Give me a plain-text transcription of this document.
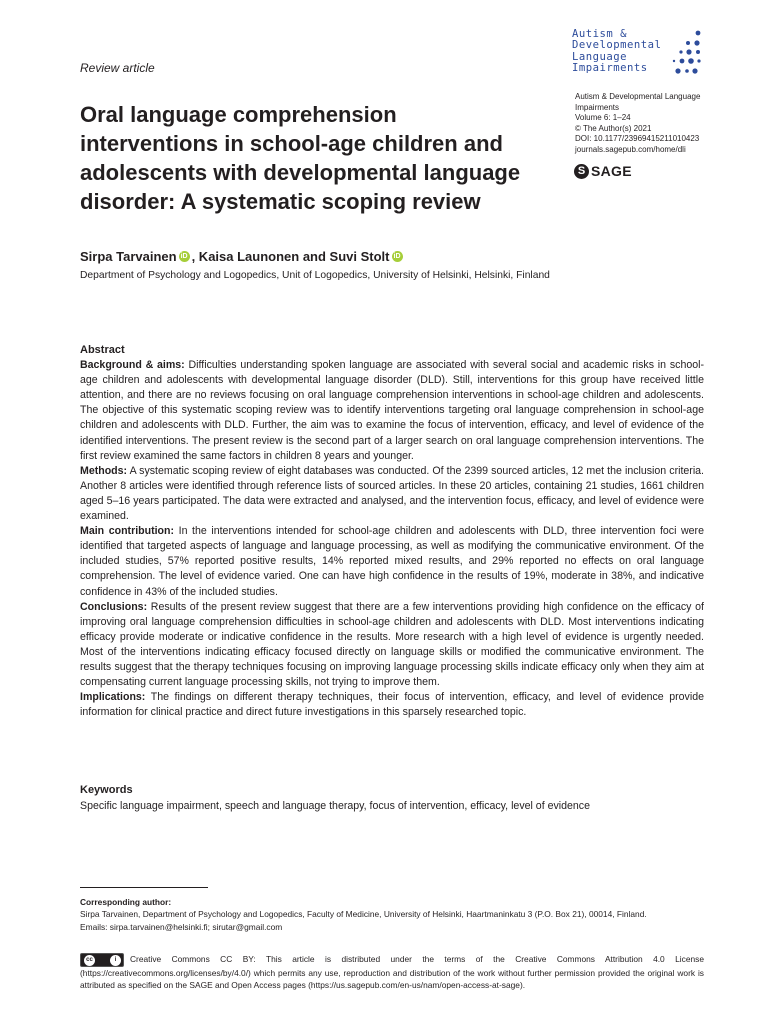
Review article
Autism &
Developmental
Language
Impairments
Autism & Developmental Language
Impairments
Volume 6: 1–24
© The Author(s) 2021
DOI: 10.1177/23969415211010423
journals.sagepub.com/home/dli
S SAGE
Oral language comprehension
interventions in school-age children and
adolescents with developmental language
disorder: A systematic scoping review
Sirpa Tarvainen iD , Kaisa Launonen and Suvi Stolt iD
Department of Psychology and Logopedics, Unit of Logopedics, University of Helsinki, Helsinki, Finland
Abstract

Background & aims: Difficulties understanding spoken language are associated with several social and academic risks in school-age children and adolescents with developmental language disorder (DLD). Still, interventions for this group have received little attention, and there are no reviews focusing on oral language comprehension interventions in school-age children and adolescents. The objective of this systematic scoping review was to identify interventions targeting oral language comprehension in school-age children and adolescents with DLD. Further, the aim was to examine the focus of intervention, efficacy, and level of evidence of the identified interventions. The present review is the second part of a larger search on oral language comprehension interventions. The first review examined the same factors in children 8 years and younger.

Methods: A systematic scoping review of eight databases was conducted. Of the 2399 sourced articles, 12 met the inclusion criteria. Another 8 articles were identified through reference lists of sourced articles. In these 20 articles, containing 21 studies, 1661 children aged 5–16 years participated. The data were extracted and analysed, and the intervention focus, efficacy, and level of evidence were examined.

Main contribution: In the interventions intended for school-age children and adolescents with DLD, three intervention foci were identified that targeted aspects of language and language processing, as well as modifying the communicative environment. Of the included studies, 57% reported positive results, 14% reported mixed results, and 29% reported no effects on oral language comprehension. The level of evidence varied. One can have high confidence in the results of 19%, moderate in 38%, and indicative confidence in 43% of the included studies.

Conclusions: Results of the present review suggest that there are a few interventions providing high confidence on the efficacy of improving oral language comprehension difficulties in school-age children and adolescents with DLD. Most interventions indicating efficacy provide moderate or indicative confidence in the results. More research with a high level of evidence is urgently needed. Most of the interventions indicating efficacy focused directly on language skills or modified the communicative environment. The results suggest that the therapy techniques focusing on improving language processing skills indicate efficacy only when they aim at compensating current language processing skills, not trying to improve them.

Implications: The findings on different therapy techniques, their focus of intervention, efficacy, and level of evidence provide information for clinical practice and direct future investigations in this sparsely researched topic.

Keywords
Specific language impairment, speech and language therapy, focus of intervention, efficacy, level of evidence
Corresponding author:
Sirpa Tarvainen, Department of Psychology and Logopedics, Faculty of Medicine, University of Helsinki, Haartmaninkatu 3 (P.O. Box 21), 00014, Finland.
Emails: sirpa.tarvainen@helsinki.fi; sirutar@gmail.com
cc	i	Creative Commons CC BY: This article is distributed under the terms of the Creative Commons Attribution 4.0 License (https://creativecommons.org/licenses/by/4.0/) which permits any use, reproduction and distribution of the work without further permission provided the original work is attributed as specified on the SAGE and Open Access pages (https://us.sagepub.com/en-us/nam/open-access-at-sage).
